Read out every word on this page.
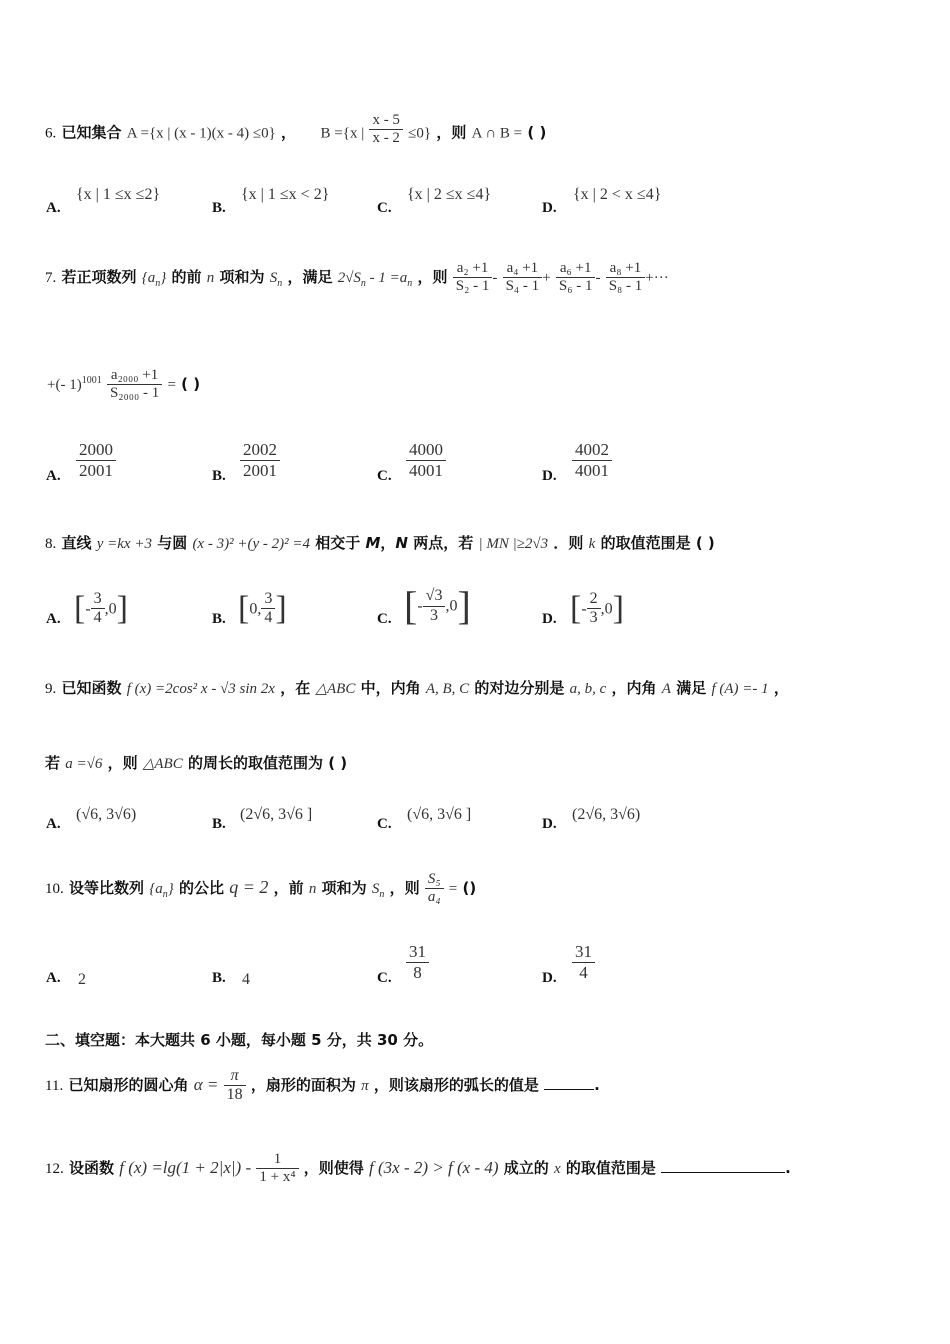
6. 已知集合 A ={x | (x - 1)(x - 4) ≤0} ， B ={x | $\frac{x - 5}{x - 2} \le 0$} ，则 A ∩ B = ( )
A.
{x | 1 ≤x ≤2}
B.
{x | 1 ≤x < 2}
C.
{x | 2 ≤x ≤4}
D.
{x | 2 < x ≤4}
7. 若正项数列 $\{a_n\}$ 的前 n 项和为 $S_n$ ，满足 $2√S_n - 1 =a_n$ ，则 $\frac{\text{a₂ +1}}{\text{S₂ - 1}} - \frac{\text{a₄ +1}}{\text{S₄ - 1}} + \frac{\text{a₆ +1}}{\text{S₆ - 1}} - \frac{\text{a₈ +1}}{\text{S₈ - 1}}$ +···
+(- $1)^{1001} \frac{\text{a₂₀₀₀ +1}}{\text{S₂₀₀₀ - 1}}$ = ( )
A. $\frac{2000}{2001}$	B. $\frac{2002}{2001}$	C. $\frac{4000}{4001}$	D. $\frac{4002}{4001}$
8. 直线 y =kx +3 与圆 (x - 3)² +(y - 2)² =4 相交于 M，N 两点，若 | MN |≥2√3 ．则 k 的取值范围是 ( )
A. [- $\frac{3}{4} ,0$]	B. [0, $\frac{3}{4}$ ]	C. [- $\frac{√3}{3} ,0$]	D. [- $\frac{2}{3} ,0$]
9. 已知函数 f (x) =2cos² x - √3 sin 2x ，在 △ABC 中，内角 A, B, C 的对边分别是 a, b, c ，内角 A 满足 f (A) =- 1 ，
若 a =√6 ，则 △ABC 的周长的取值范围为 ( )
A.
(√6, 3√6)
B.
(2√6, 3√6 ]
C.
(√6, 3√6 ]
D.
(2√6, 3√6)
10. 设等比数列 $\{a_n\}$ 的公比 q = 2 ，前 n 项和为 $S_n$ ，则 $\frac{\text{S₅}}{\text{a₄}}$ = ()
A. 2	B. 4	C. $\frac{31}{8}$	D. $\frac{31}{4}$
二、填空题：本大题共 6 小题，每小题 5 分，共 30 分。
11. 已知扇形的圆心角 $\alpha = \frac{\pi}{18}$ ，扇形的面积为 π ，则该扇形的弧长的值是	.
12. 设函数 f $(x) =\lg(1 + 2|x|) - \frac{1}{\text{1 + x⁴}}$ ，则使得 f (3x - 2) > f (x - 4) 成立的 x 的取值范围是	.
